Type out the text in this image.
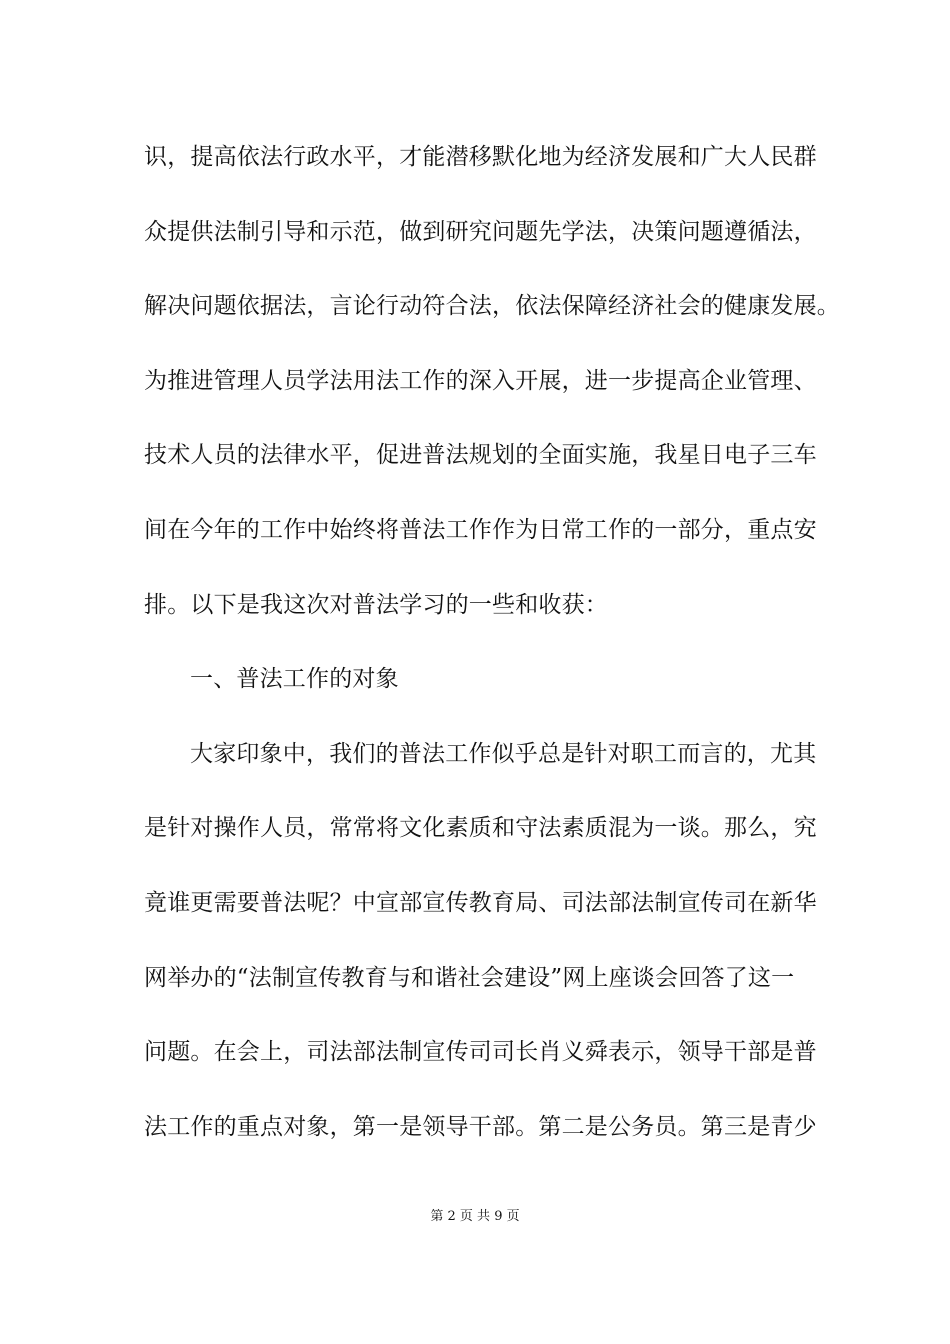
识，提高依法行政水平，才能潜移默化地为经济发展和广大人民群
众提供法制引导和示范，做到研究问题先学法，决策问题遵循法，
解决问题依据法，言论行动符合法，依法保障经济社会的健康发展。
为推进管理人员学法用法工作的深入开展，进一步提高企业管理、
技术人员的法律水平，促进普法规划的全面实施，我星日电子三车
间在今年的工作中始终将普法工作作为日常工作的一部分，重点安
排。以下是我这次对普法学习的一些和收获：
一、普法工作的对象
大家印象中，我们的普法工作似乎总是针对职工而言的，尤其
是针对操作人员，常常将文化素质和守法素质混为一谈。那么，究
竟谁更需要普法呢？中宣部宣传教育局、司法部法制宣传司在新华
网举办的“法制宣传教育与和谐社会建设”网上座谈会回答了这一
问题。在会上，司法部法制宣传司司长肖义舜表示，领导干部是普
法工作的重点对象，第一是领导干部。第二是公务员。第三是青少
第 2 页 共 9 页
